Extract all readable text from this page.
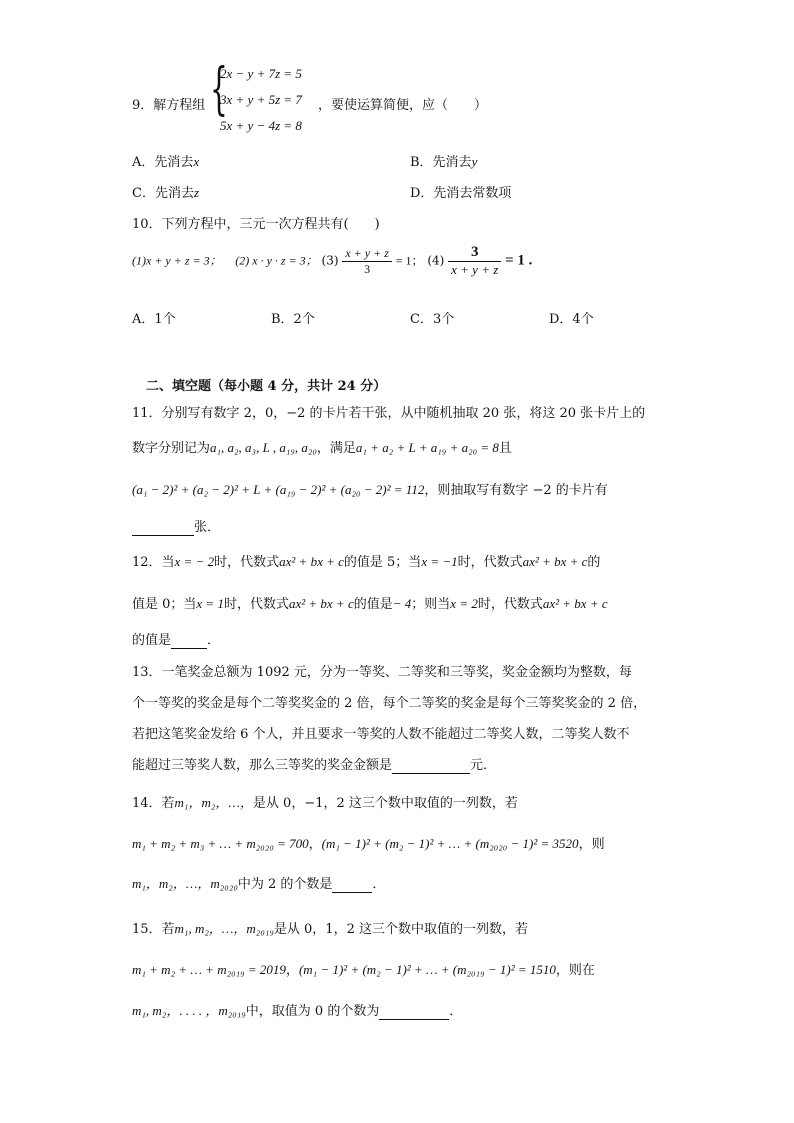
9．解方程组 {
2x − y + 7z = 5
3x + y + 5z = 7
5x + y − 4z = 8
，要使运算简便，应（　　）
A．先消去x	B．先消去y
C．先消去z	D．先消去常数项
10．下列方程中，三元一次方程共有(　　)
(1)x + y + z = 3； (2) x · y · z = 3； $(3) \frac{x + y + z}{3} = 1$； $(4) \frac{3}{x + y + z} = 1$ .
A．1个	B．2个	C．3个	D．4个
二、填空题（每小题 4 分，共计 24 分）
11．分别写有数字 2，0，−2 的卡片若干张，从中随机抽取 20 张，将这 20 张卡片上的
数字分别记为a₁, a₂, a₃, L , a₁₉, a₂₀，满足a₁ + a₂ + L + a₁₉ + a₂₀ = 8且
(a₁ − 2)² + (a₂ − 2)² + L + (a₁₉ − 2)² + (a₂₀ − 2)² = 112，则抽取写有数字 −2 的卡片有
张．
12．当x = − 2时，代数式ax² + bx + c的值是 5；当x = −1时，代数式ax² + bx + c的
值是 0；当x = 1时，代数式ax² + bx + c的值是− 4；则当x = 2时，代数式ax² + bx + c
的值是	．
13．一笔奖金总额为 1092 元，分为一等奖、二等奖和三等奖，奖金金额均为整数，每
个一等奖的奖金是每个二等奖奖金的 2 倍，每个二等奖的奖金是每个三等奖奖金的 2 倍，
若把这笔奖金发给 6 个人，并且要求一等奖的人数不能超过二等奖人数，二等奖人数不
能超过三等奖人数，那么三等奖的奖金金额是	元．
14．若m₁，m₂，…，是从 0，−1，2 这三个数中取值的一列数，若
m₁ + m₂ + m₃ + … + m₂₀₂₀ = 700，(m₁ − 1)² + (m₂ − 1)² + … + (m₂₀₂₀ − 1)² = 3520，则
m₁，m₂，…，m₂₀₂₀中为 2 的个数是	．
15．若m₁, m₂，…，m₂₀₁₉是从 0，1，2 这三个数中取值的一列数，若
m₁ + m₂ + … + m₂₀₁₉ = 2019，(m₁ − 1)² + (m₂ − 1)² + … + (m₂₀₁₉ − 1)² = 1510，则在
m₁, m₂，. . . . ，m₂₀₁₉中，取值为 0 的个数为	．
